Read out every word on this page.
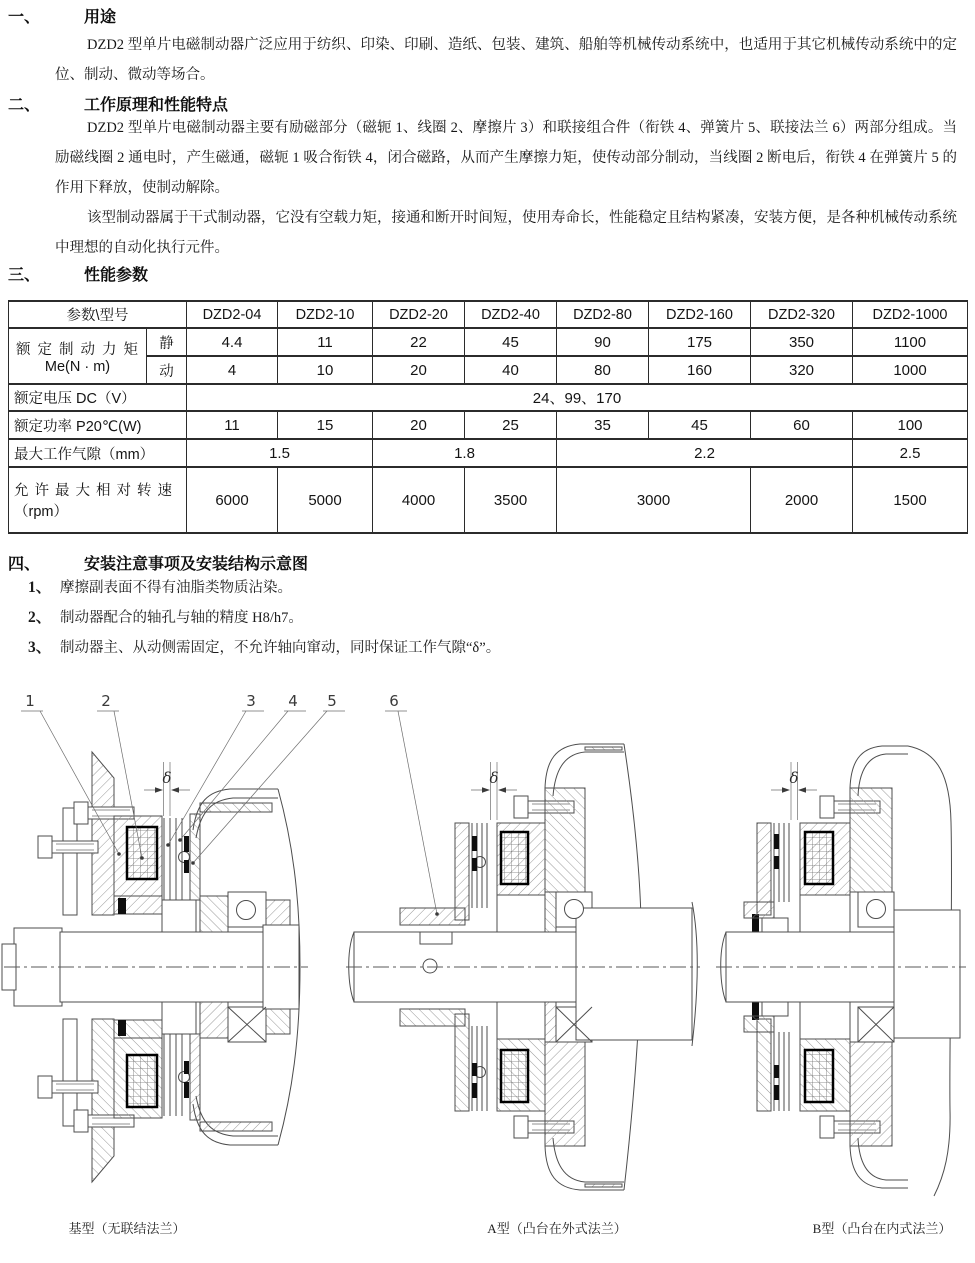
一、	用途
DZD2 型单片电磁制动器广泛应用于纺织、印染、印刷、造纸、包装、建筑、船舶等机械传动系统中，也适用于其它机械传动系统中的定位、制动、微动等场合。
二、	工作原理和性能特点
DZD2 型单片电磁制动器主要有励磁部分（磁轭 1、线圈 2、摩擦片 3）和联接组合件（衔铁 4、弹簧片 5、联接法兰 6）两部分组成。当励磁线圈 2 通电时，产生磁通，磁轭 1 吸合衔铁 4，闭合磁路，从而产生摩擦力矩，使传动部分制动，当线圈 2 断电后，衔铁 4 在弹簧片 5 的作用下释放，使制动解除。
该型制动器属于干式制动器，它没有空载力矩，接通和断开时间短，使用寿命长，性能稳定且结构紧凑，安装方便，是各种机械传动系统中理想的自动化执行元件。
三、	性能参数
参数\型号		DZD2-04	DZD2-10	DZD2-20	DZD2-40	DZD2-80	DZD2-160	DZD2-320	DZD2-1000

额定制动力矩
Me(N · m)	静	4.4	11	22	45	90	175	350	1100
	动	4	10	20	40	80	160	320	1000
额定电压 DC（V）		24、99、170							
额定功率 P20℃(W)		11	15	20	25	35	45	60	100
最大工作气隙（mm）		1.5		1.8		2.2			2.5

允许最大相对转速
（rpm）		6000	5000	4000	3500	3000		2000	1500
四、	安装注意事项及安装结构示意图
1、 摩擦副表面不得有油脂类物质沾染。
2、 制动器配合的轴孔与轴的精度 H8/h7。
3、 制动器主、从动侧需固定，不允许轴向窜动，同时保证工作气隙“δ”。
δ
1	2	3 4 5
δ
6
δ
基型（无联结法兰）	A型（凸台在外式法兰）	B型（凸台在内式法兰）
